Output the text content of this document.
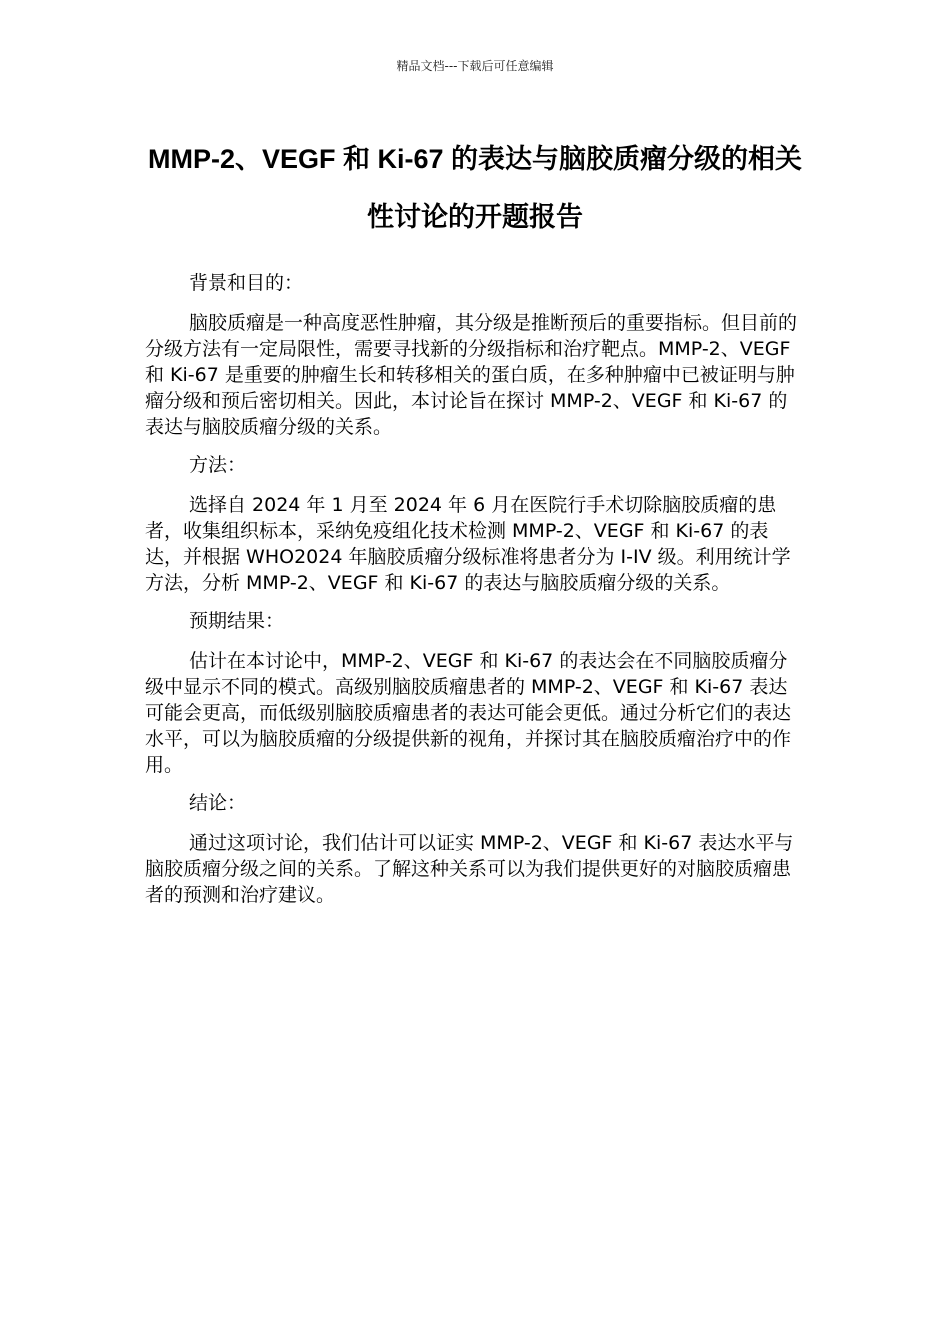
精品文档---下载后可任意编辑
MMP-2、VEGF 和 Ki-67 的表达与脑胶质瘤分级的相关性讨论的开题报告

背景和目的：

脑胶质瘤是一种高度恶性肿瘤，其分级是推断预后的重要指标。但目前的分级方法有一定局限性，需要寻找新的分级指标和治疗靶点。MMP-2、VEGF 和 Ki-67 是重要的肿瘤生长和转移相关的蛋白质，在多种肿瘤中已被证明与肿瘤分级和预后密切相关。因此，本讨论旨在探讨 MMP-2、VEGF 和 Ki-67 的表达与脑胶质瘤分级的关系。

方法：

选择自 2024 年 1 月至 2024 年 6 月在医院行手术切除脑胶质瘤的患者，收集组织标本，采纳免疫组化技术检测 MMP-2、VEGF 和 Ki-67 的表达，并根据 WHO2024 年脑胶质瘤分级标准将患者分为 I-IV 级。利用统计学方法，分析 MMP-2、VEGF 和 Ki-67 的表达与脑胶质瘤分级的关系。

预期结果：

估计在本讨论中，MMP-2、VEGF 和 Ki-67 的表达会在不同脑胶质瘤分级中显示不同的模式。高级别脑胶质瘤患者的 MMP-2、VEGF 和 Ki-67 表达可能会更高，而低级别脑胶质瘤患者的表达可能会更低。通过分析它们的表达水平，可以为脑胶质瘤的分级提供新的视角，并探讨其在脑胶质瘤治疗中的作用。

结论：

通过这项讨论，我们估计可以证实 MMP-2、VEGF 和 Ki-67 表达水平与脑胶质瘤分级之间的关系。了解这种关系可以为我们提供更好的对脑胶质瘤患者的预测和治疗建议。
